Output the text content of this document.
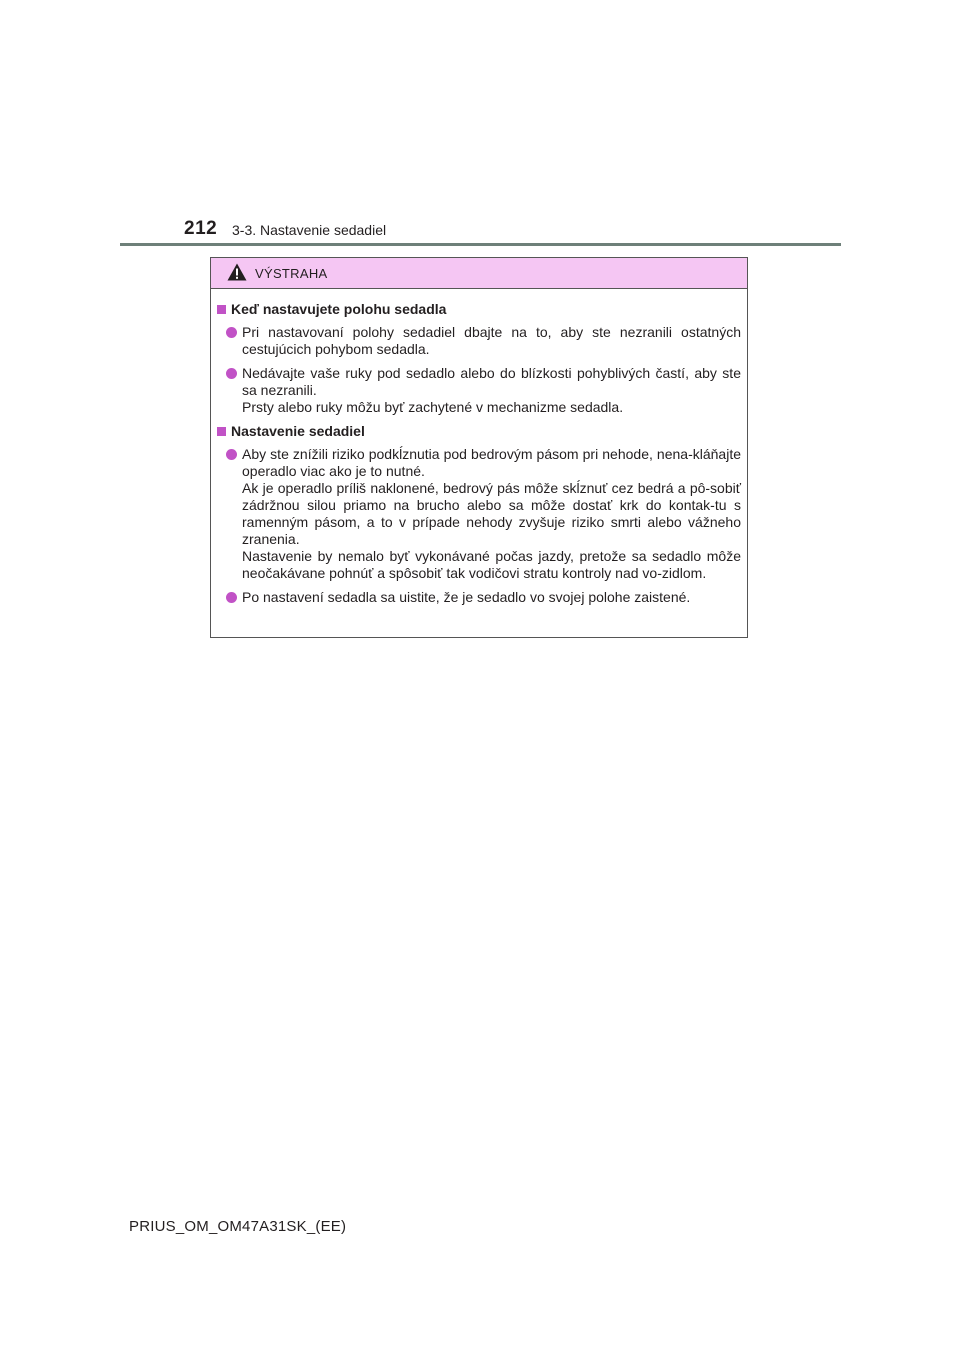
212 3-3. Nastavenie sedadiel
VÝSTRAHA
Keď nastavujete polohu sedadla
Pri nastavovaní polohy sedadiel dbajte na to, aby ste nezranili ostatných cestujúcich pohybom sedadla.
Nedávajte vaše ruky pod sedadlo alebo do blízkosti pohyblivých častí, aby ste sa nezranili.
Prsty alebo ruky môžu byť zachytené v mechanizme sedadla.
Nastavenie sedadiel
Aby ste znížili riziko podkĺznutia pod bedrovým pásom pri nehode, nena-kláňajte operadlo viac ako je to nutné.
Ak je operadlo príliš naklonené, bedrový pás môže skĺznuť cez bedrá a pô-sobiť zádržnou silou priamo na brucho alebo sa môže dostať krk do kontak-tu s ramenným pásom, a to v prípade nehody zvyšuje riziko smrti alebo vážneho zranenia.
Nastavenie by nemalo byť vykonávané počas jazdy, pretože sa sedadlo môže neočakávane pohnúť a spôsobiť tak vodičovi stratu kontroly nad vo-zidlom.
Po nastavení sedadla sa uistite, že je sedadlo vo svojej polohe zaistené.
PRIUS_OM_OM47A31SK_(EE)
